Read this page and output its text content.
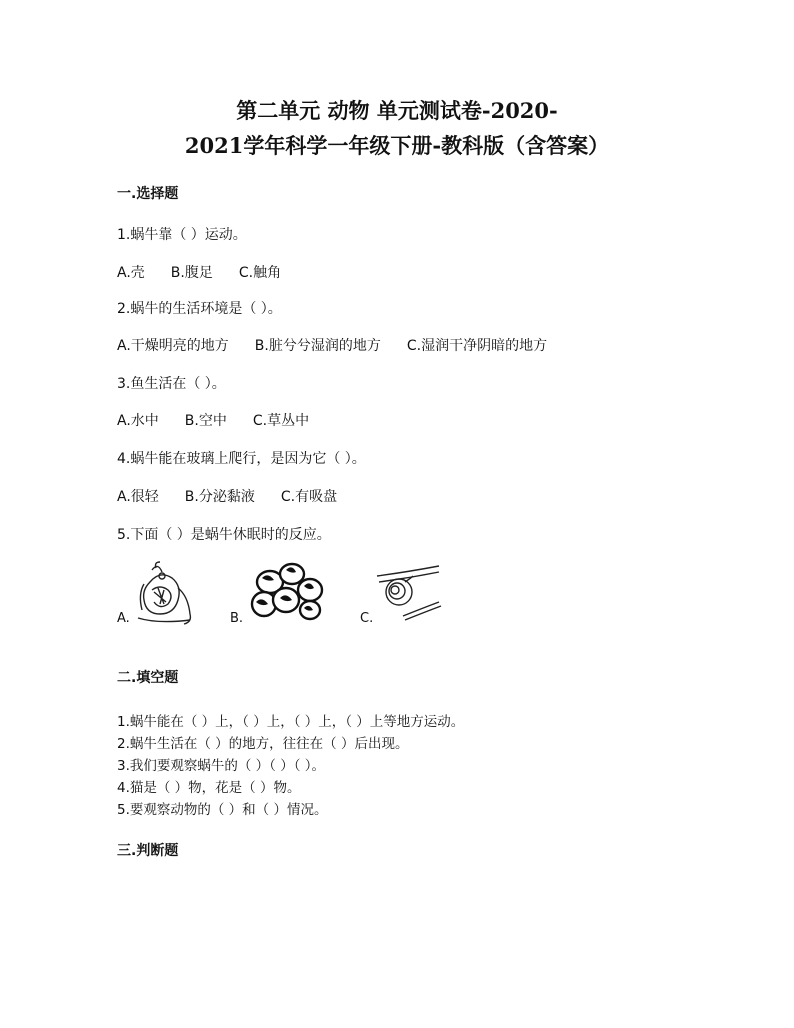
第二单元 动物 单元测试卷-2020-
2021学年科学一年级下册-教科版（含答案）
一.选择题
1.蜗牛靠（ ）运动。
A.壳 B.腹足 C.触角
2.蜗牛的生活环境是（ ）。
A.干燥明亮的地方 B.脏兮兮湿润的地方 C.湿润干净阴暗的地方
3.鱼生活在（ ）。
A.水中 B.空中 C.草丛中
4.蜗牛能在玻璃上爬行，是因为它（ ）。
A.很轻 B.分泌黏液 C.有吸盘
5.下面（ ）是蜗牛休眠时的反应。
A.	B.	C.
二.填空题
1.蜗牛能在（ ）上，（ ）上，（ ）上，（ ）上等地方运动。
2.蜗牛生活在（ ）的地方，往往在（ ）后出现。
3.我们要观察蜗牛的（ ）（ ）（ ）。
4.猫是（ ）物，花是（ ）物。
5.要观察动物的（ ）和（ ）情况。
三.判断题
